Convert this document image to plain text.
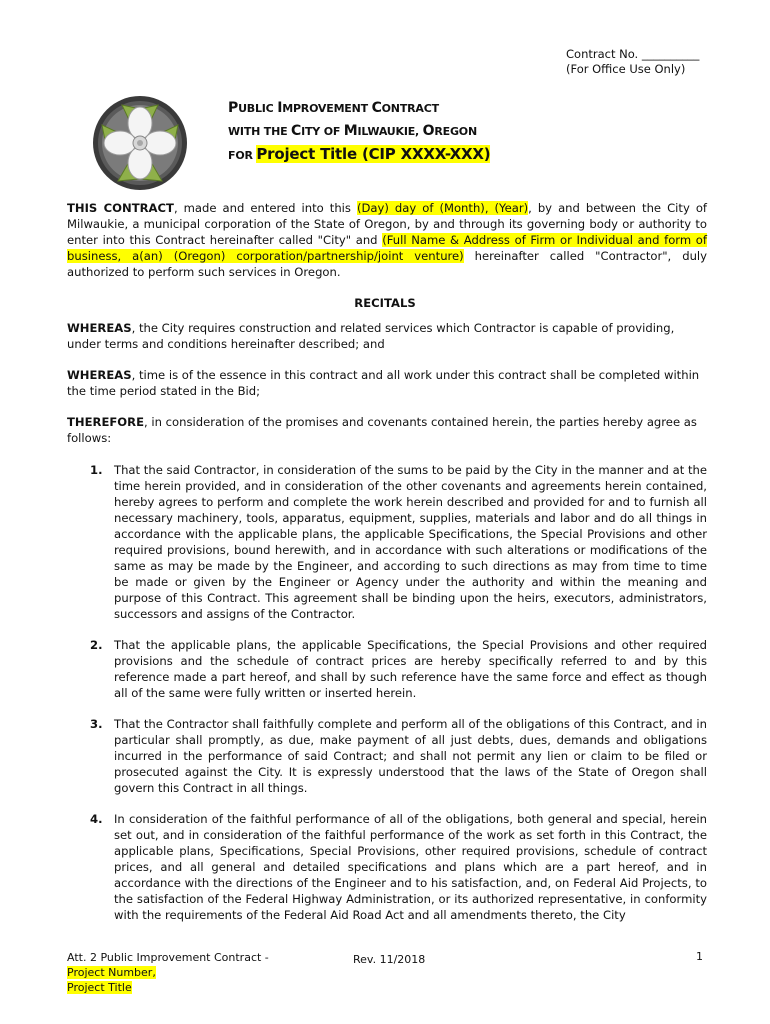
Contract No. __________
(For Office Use Only)
PUBLIC IMPROVEMENT CONTRACT
WITH THE CITY OF MILWAUKIE, OREGON
FOR Project Title (CIP XXXX-XXX)
THIS CONTRACT, made and entered into this (Day) day of (Month), (Year), by and between the City of Milwaukie, a municipal corporation of the State of Oregon, by and through its governing body or authority to enter into this Contract hereinafter called "City" and (Full Name & Address of Firm or Individual and form of business, a(an) (Oregon) corporation/partnership/joint venture) hereinafter called "Contractor", duly authorized to perform such services in Oregon.
RECITALS
WHEREAS, the City requires construction and related services which Contractor is capable of providing, under terms and conditions hereinafter described; and
WHEREAS, time is of the essence in this contract and all work under this contract shall be completed within the time period stated in the Bid;
THEREFORE, in consideration of the promises and covenants contained herein, the parties hereby agree as follows:
1. That the said Contractor, in consideration of the sums to be paid by the City in the manner and at the time herein provided, and in consideration of the other covenants and agreements herein contained, hereby agrees to perform and complete the work herein described and provided for and to furnish all necessary machinery, tools, apparatus, equipment, supplies, materials and labor and do all things in accordance with the applicable plans, the applicable Specifications, the Special Provisions and other required provisions, bound herewith, and in accordance with such alterations or modifications of the same as may be made by the Engineer, and according to such directions as may from time to time be made or given by the Engineer or Agency under the authority and within the meaning and purpose of this Contract. This agreement shall be binding upon the heirs, executors, administrators, successors and assigns of the Contractor.
2. That the applicable plans, the applicable Specifications, the Special Provisions and other required provisions and the schedule of contract prices are hereby specifically referred to and by this reference made a part hereof, and shall by such reference have the same force and effect as though all of the same were fully written or inserted herein.
3. That the Contractor shall faithfully complete and perform all of the obligations of this Contract, and in particular shall promptly, as due, make payment of all just debts, dues, demands and obligations incurred in the performance of said Contract; and shall not permit any lien or claim to be filed or prosecuted against the City. It is expressly understood that the laws of the State of Oregon shall govern this Contract in all things.
4. In consideration of the faithful performance of all of the obligations, both general and special, herein set out, and in consideration of the faithful performance of the work as set forth in this Contract, the applicable plans, Specifications, Special Provisions, other required provisions, schedule of contract prices, and all general and detailed specifications and plans which are a part hereof, and in accordance with the directions of the Engineer and to his satisfaction, and, on Federal Aid Projects, to the satisfaction of the Federal Highway Administration, or its authorized representative, in conformity with the requirements of the Federal Aid Road Act and all amendments thereto, the City
Att. 2 Public Improvement Contract -
Project Number,
Project Title
Rev. 11/2018	1
